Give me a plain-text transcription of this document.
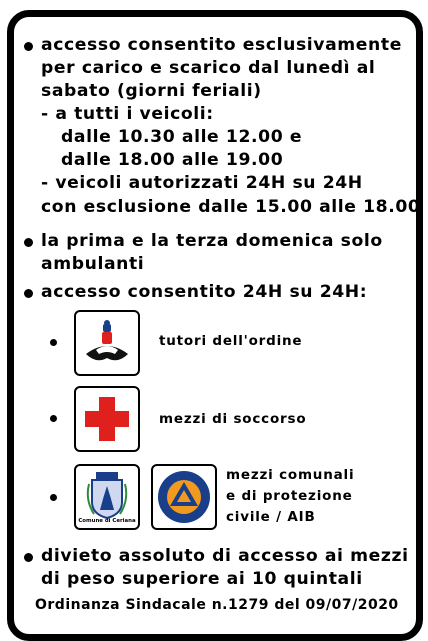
accesso consentito esclusivamente
per carico e scarico dal lunedì al
sabato (giorni feriali)
- a tutti i veicoli:
dalle 10.30 alle 12.00 e
dalle 18.00 alle 19.00
- veicoli autorizzati 24H su 24H
con esclusione dalle 15.00 alle 18.00
la prima e la terza domenica solo
ambulanti
accesso consentito 24H su 24H:
tutori dell'ordine
mezzi di soccorso
Comune di Ceriana
mezzi comunali
e di protezione
civile / AIB
divieto assoluto di accesso ai mezzi
di peso superiore ai 10 quintali
Ordinanza Sindacale n.1279 del 09/07/2020
